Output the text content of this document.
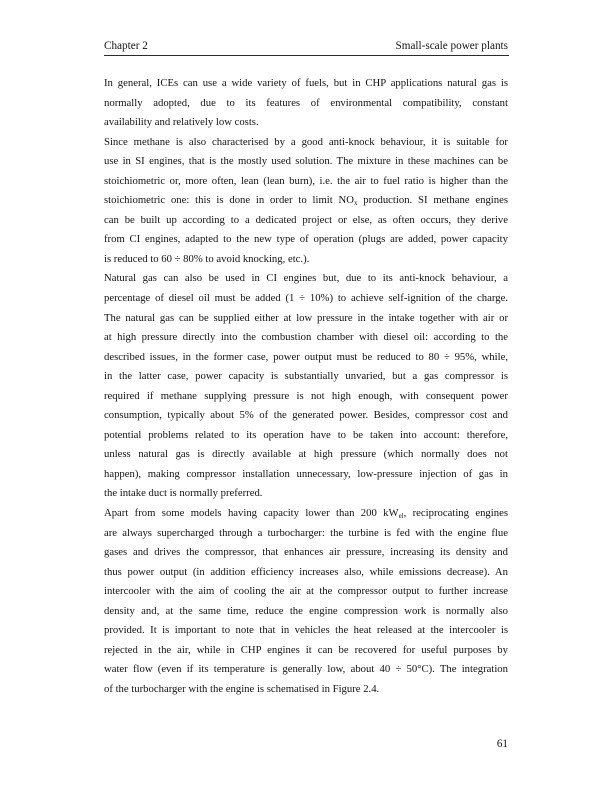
Chapter 2	Small-scale power plants
In general, ICEs can use a wide variety of fuels, but in CHP applications natural gas is
normally adopted, due to its features of environmental compatibility, constant
availability and relatively low costs.
Since methane is also characterised by a good anti-knock behaviour, it is suitable for
use in SI engines, that is the mostly used solution. The mixture in these machines can be
stoichiometric or, more often, lean (lean burn), i.e. the air to fuel ratio is higher than the
stoichiometric one: this is done in order to limit $NO_x$ production. SI methane engines
can be built up according to a dedicated project or else, as often occurs, they derive
from CI engines, adapted to the new type of operation (plugs are added, power capacity
is reduced to 60 ÷ 80% to avoid knocking, etc.).
Natural gas can also be used in CI engines but, due to its anti-knock behaviour, a
percentage of diesel oil must be added (1 ÷ 10%) to achieve self-ignition of the charge.
The natural gas can be supplied either at low pressure in the intake together with air or
at high pressure directly into the combustion chamber with diesel oil: according to the
described issues, in the former case, power output must be reduced to 80 ÷ 95%, while,
in the latter case, power capacity is substantially unvaried, but a gas compressor is
required if methane supplying pressure is not high enough, with consequent power
consumption, typically about 5% of the generated power. Besides, compressor cost and
potential problems related to its operation have to be taken into account: therefore,
unless natural gas is directly available at high pressure (which normally does not
happen), making compressor installation unnecessary, low-pressure injection of gas in
the intake duct is normally preferred.
Apart from some models having capacity lower than 200 $kW_{el}$, reciprocating engines
are always supercharged through a turbocharger: the turbine is fed with the engine flue
gases and drives the compressor, that enhances air pressure, increasing its density and
thus power output (in addition efficiency increases also, while emissions decrease). An
intercooler with the aim of cooling the air at the compressor output to further increase
density and, at the same time, reduce the engine compression work is normally also
provided. It is important to note that in vehicles the heat released at the intercooler is
rejected in the air, while in CHP engines it can be recovered for useful purposes by
water flow (even if its temperature is generally low, about 40 ÷ 50°C). The integration
of the turbocharger with the engine is schematised in Figure 2.4.
61
